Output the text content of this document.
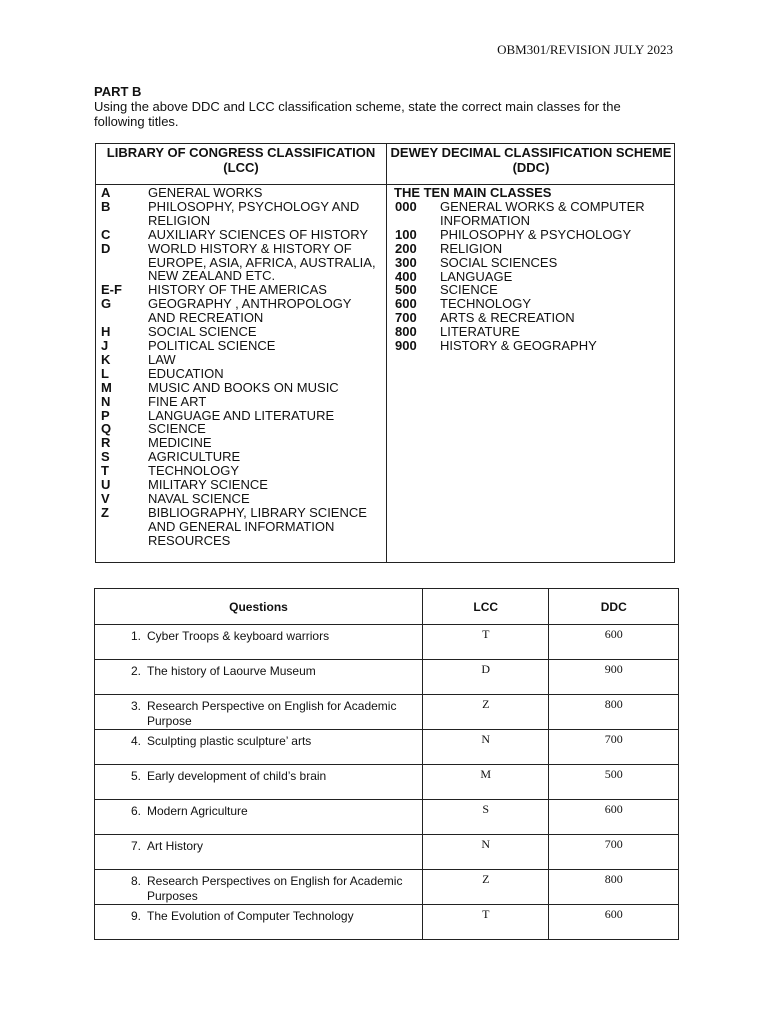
OBM301/REVISION JULY 2023
PART B
Using the above DDC and LCC classification scheme, state the correct main classes for the following titles.
LIBRARY OF CONGRESS CLASSIFICATION (LCC)
DEWEY DECIMAL CLASSIFICATION SCHEME (DDC)
A	GENERAL WORKS
B	PHILOSOPHY, PSYCHOLOGY AND RELIGION
C	AUXILIARY SCIENCES OF HISTORY
D	WORLD HISTORY & HISTORY OF EUROPE, ASIA, AFRICA, AUSTRALIA, NEW ZEALAND ETC.
E-F	HISTORY OF THE AMERICAS
G	GEOGRAPHY , ANTHROPOLOGY AND RECREATION
H	SOCIAL SCIENCE
J	POLITICAL SCIENCE
K	LAW
L	EDUCATION
M	MUSIC AND BOOKS ON MUSIC
N	FINE ART
P	LANGUAGE AND LITERATURE
Q	SCIENCE
R	MEDICINE
S	AGRICULTURE
T	TECHNOLOGY
U	MILITARY SCIENCE
V	NAVAL SCIENCE
Z	BIBLIOGRAPHY, LIBRARY SCIENCE AND GENERAL INFORMATION RESOURCES
THE TEN MAIN CLASSES
000	GENERAL WORKS & COMPUTER INFORMATION
100	PHILOSOPHY & PSYCHOLOGY
200	RELIGION
300	SOCIAL SCIENCES
400	LANGUAGE
500	SCIENCE
600	TECHNOLOGY
700	ARTS & RECREATION
800	LITERATURE
900	HISTORY & GEOGRAPHY
Questions	LCC	DDC

1. Cyber Troops & keyboard warriors	T	600

2. The history of Laourve Museum	D	900

3. Research Perspective on English for Academic Purpose	Z	800

4. Sculpting plastic sculpture’ arts	N	700

5. Early development of child’s brain	M	500

6. Modern Agriculture	S	600

7. Art History	N	700

8. Research Perspectives on English for Academic Purposes	Z	800

9. The Evolution of Computer Technology	T	600
